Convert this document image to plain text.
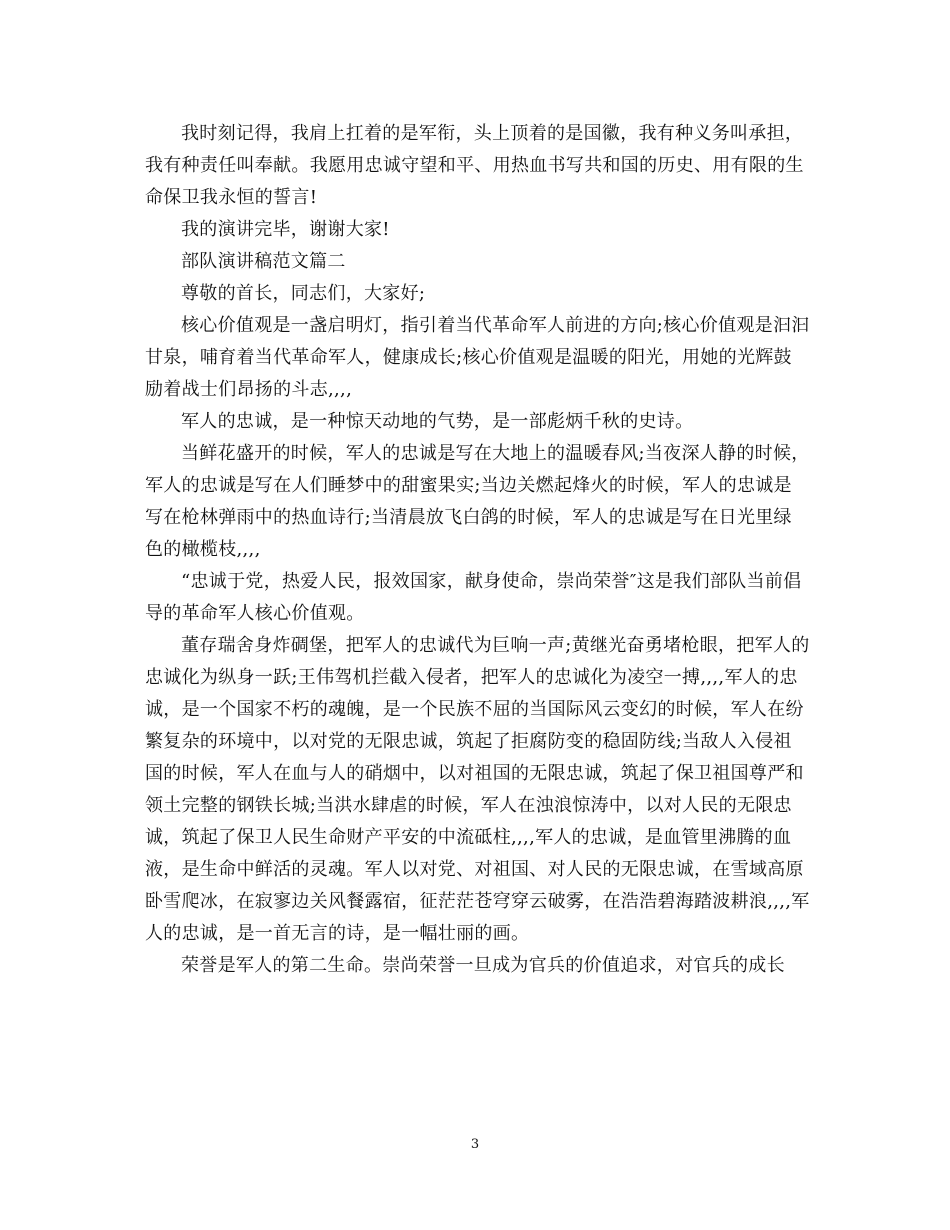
我时刻记得，我肩上扛着的是军衔，头上顶着的是国徽，我有种义务叫承担，我有种责任叫奉献。我愿用忠诚守望和平、用热血书写共和国的历史、用有限的生命保卫我永恒的誓言!

我的演讲完毕，谢谢大家!

部队演讲稿范文篇二

尊敬的首长，同志们，大家好;

核心价值观是一盏启明灯，指引着当代革命军人前进的方向;核心价值观是汩汩甘泉，哺育着当代革命军人，健康成长;核心价值观是温暖的阳光，用她的光辉鼓励着战士们昂扬的斗志,,,,

军人的忠诚，是一种惊天动地的气势，是一部彪炳千秋的史诗。

当鲜花盛开的时候，军人的忠诚是写在大地上的温暖春风;当夜深人静的时候，军人的忠诚是写在人们睡梦中的甜蜜果实;当边关燃起烽火的时候，军人的忠诚是写在枪林弹雨中的热血诗行;当清晨放飞白鸽的时候，军人的忠诚是写在日光里绿色的橄榄枝,,,,

“忠诚于党，热爱人民，报效国家，献身使命，崇尚荣誉″这是我们部队当前倡导的革命军人核心价值观。

董存瑞舍身炸碉堡，把军人的忠诚代为巨响一声;黄继光奋勇堵枪眼，把军人的忠诚化为纵身一跃;王伟驾机拦截入侵者，把军人的忠诚化为凌空一搏,,,,军人的忠诚，是一个国家不朽的魂魄，是一个民族不屈的当国际风云变幻的时候，军人在纷繁复杂的环境中，以对党的无限忠诚，筑起了拒腐防变的稳固防线;当敌人入侵祖国的时候，军人在血与人的硝烟中，以对祖国的无限忠诚，筑起了保卫祖国尊严和领土完整的钢铁长城;当洪水肆虐的时候，军人在浊浪惊涛中，以对人民的无限忠诚，筑起了保卫人民生命财产平安的中流砥柱,,,,军人的忠诚，是血管里沸腾的血液，是生命中鲜活的灵魂。军人以对党、对祖国、对人民的无限忠诚，在雪域高原卧雪爬冰，在寂寥边关风餐露宿，征茫茫苍穹穿云破雾，在浩浩碧海踏波耕浪,,,,军人的忠诚，是一首无言的诗，是一幅壮丽的画。

荣誉是军人的第二生命。崇尚荣誉一旦成为官兵的价值追求，对官兵的成长

3
